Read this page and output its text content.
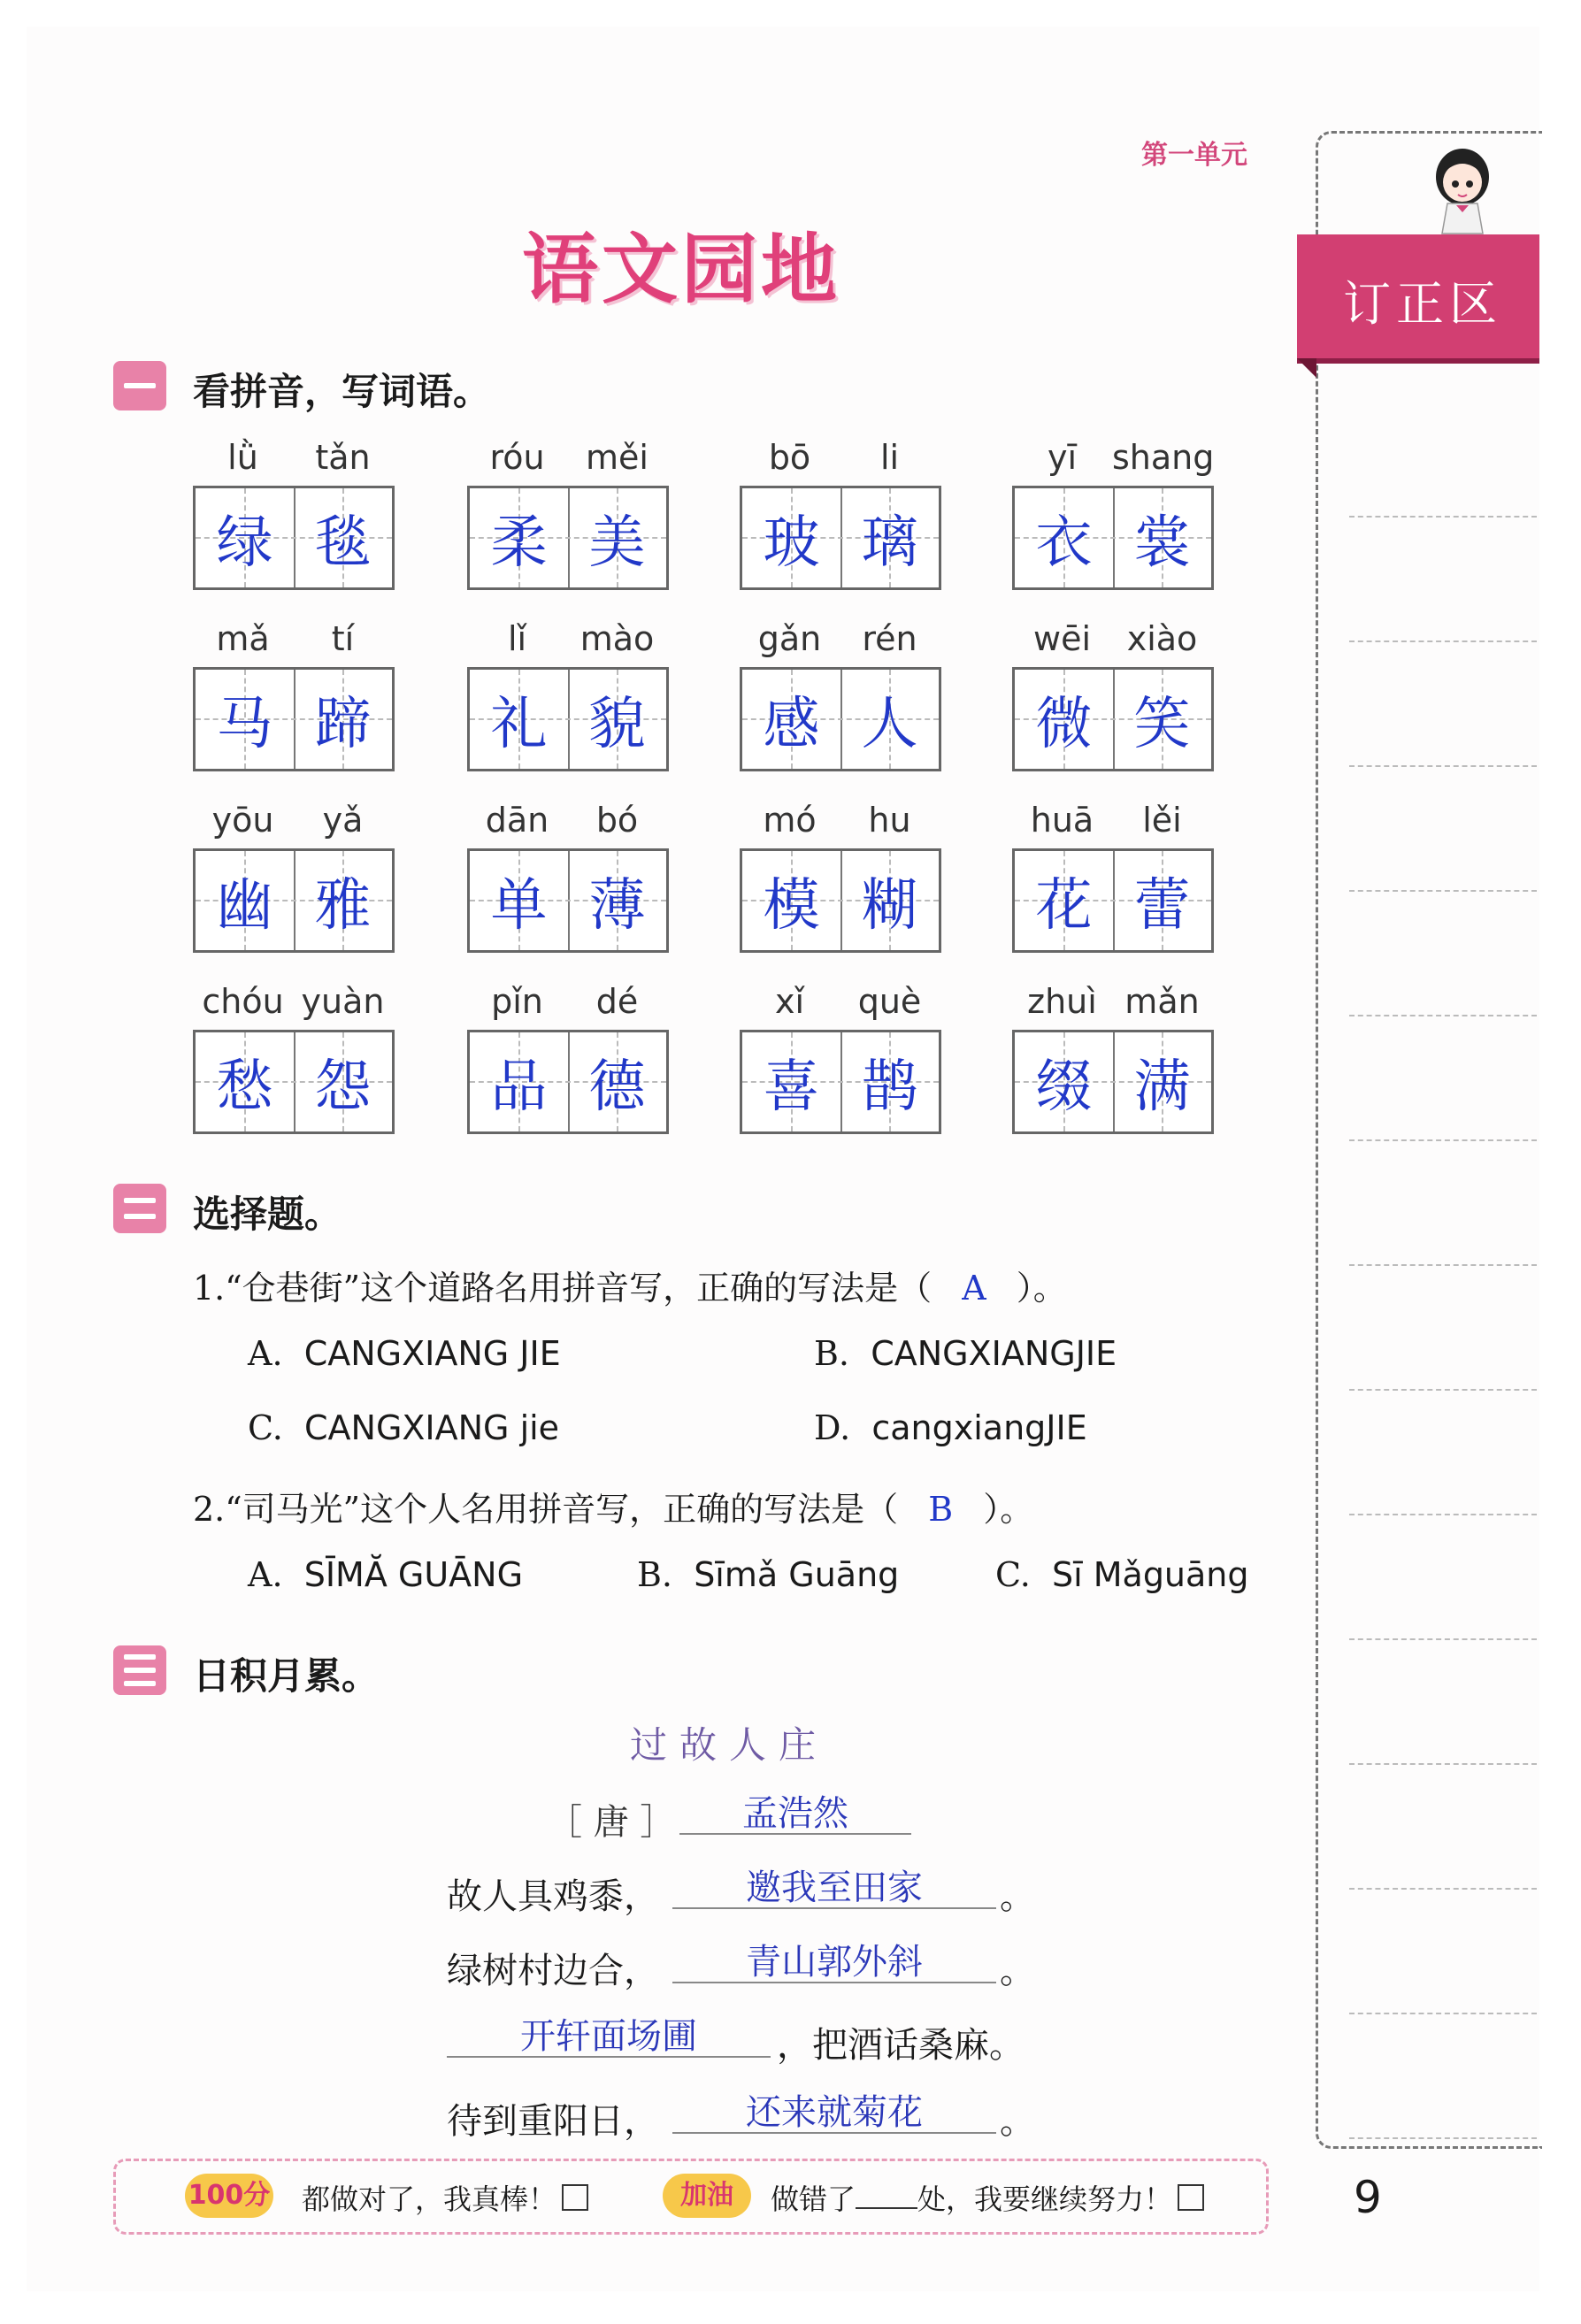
第一单元
语文园地	订正区
看拼音，写词语。
lǜ	tǎn
绿 毯
róu	měi
柔 美
bō	li
玻 璃
yī	shang
衣 裳
mǎ	tí
马 蹄
lǐ	mào
礼 貌
gǎn	rén
感 人
wēi	xiào
微 笑
yōu	yǎ
幽 雅
dān	bó
单 薄
mó	hu
模 糊
huā	lěi
花 蕾
chóu yuàn
愁 怨
pǐn	dé
品 德
xǐ	què
喜 鹊
zhuì mǎn
缀 满
选择题。
1.“仓巷街”这个道路名用拼音写，正确的写法是（ A ）。
A. CANGXIANG JIE	B. CANGXIANGJIE
C. CANGXIANG jie	D. cangxiangJIE
2.“司马光”这个人名用拼音写，正确的写法是（ B ）。
A. SĪMĂ GUĀNG	B. Sīmǎ Guāng	C. Sī Mǎguāng
日积月累。
过故人庄
［ 唐 ］	孟浩然
故人具鸡黍，	邀我至田家	。
绿树村边合，	青山郭外斜	。
开轩面场圃	，把酒话桑麻。
待到重阳日，	还来就菊花	。
100分 都做对了，我真棒！	加油	做错了 处，我要继续努力！	9
